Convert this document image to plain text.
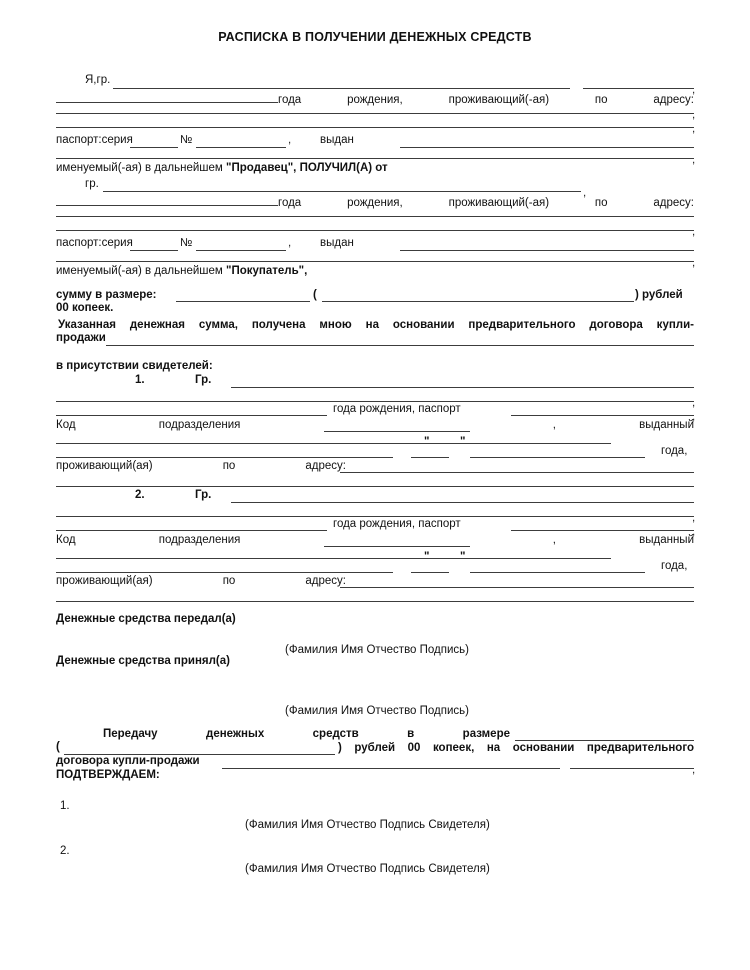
РАСПИСКА В ПОЛУЧЕНИИ ДЕНЕЖНЫХ СРЕДСТВ
Я,гр.
,
года	рождения,	проживающий(-ая)	по	адресу:
,
,
паспорт:серия	№	,	выдан
,
именуемый(-ая) в дальнейшем "Продавец", ПОЛУЧИЛ(А) от
гр.
,
года	рождения,	проживающий(-ая)	по	адресу:
,
паспорт:серия	№	,	выдан
,
именуемый(-ая) в дальнейшем "Покупатель",
сумму в размере:	(	) рублей
00 копеек.
Указанная денежная сумма, получена мною на основании предварительного договора купли-
продажи
в присутствии свидетелей:
1.	Гр.
,
года рождения, паспорт
,
Код	подразделения	,	выданный
"	"
года,
проживающий(ая)	по	адресу:
2.	Гр.
,
года рождения, паспорт
,
Код	подразделения	,	выданный
"	"
года,
проживающий(ая)	по	адресу:
Денежные средства передал(а)
(Фамилия Имя Отчество Подпись)
Денежные средства принял(а)
(Фамилия Имя Отчество Подпись)
Передачу	денежных	средств	в	размере
(	) рублей 00 копеек, на основании предварительного
договора купли-продажи
,
ПОДТВЕРЖДАЕМ:
1.
(Фамилия Имя Отчество Подпись Свидетеля)
2.
(Фамилия Имя Отчество Подпись Свидетеля)
